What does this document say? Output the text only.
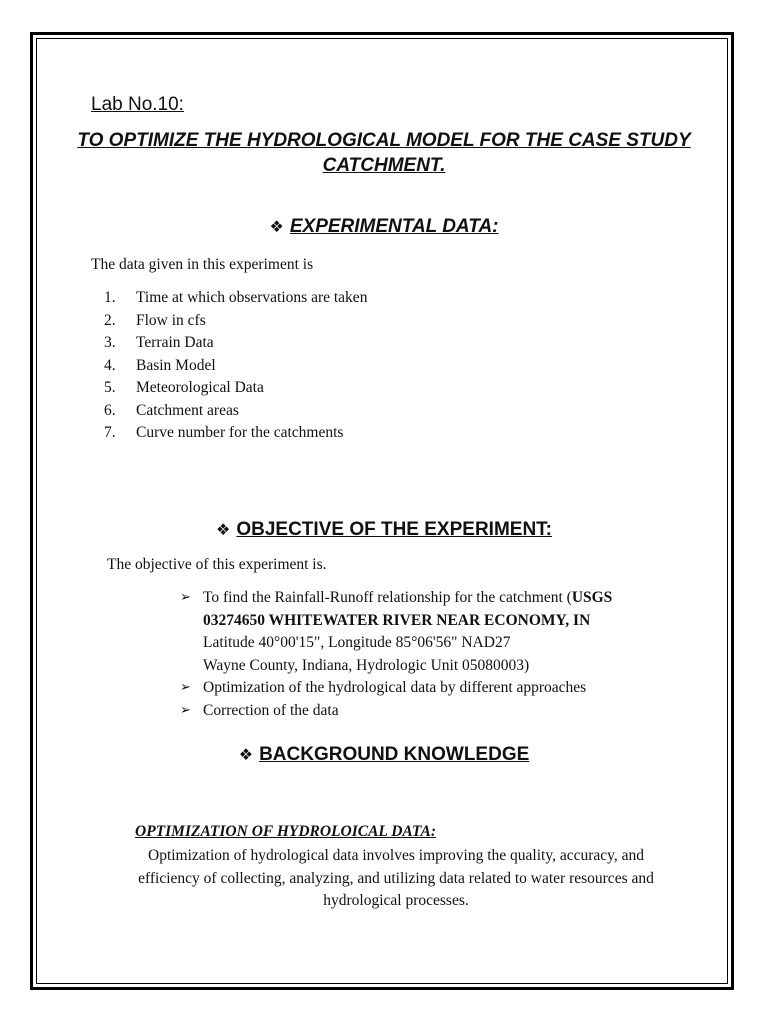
Lab No.10:
TO OPTIMIZE THE HYDROLOGICAL MODEL FOR THE CASE STUDY CATCHMENT.
❖ EXPERIMENTAL DATA:

The data given in this experiment is

1. Time at which observations are taken
2. Flow in cfs
3. Terrain Data
4. Basin Model
5. Meteorological Data
6. Catchment areas
7. Curve number for the catchments
❖ OBJECTIVE OF THE EXPERIMENT:

The objective of this experiment is.

➢ To find the Rainfall-Runoff relationship for the catchment (USGS
03274650 WHITEWATER RIVER NEAR ECONOMY, IN
Latitude 40°00'15", Longitude 85°06'56" NAD27
Wayne County, Indiana, Hydrologic Unit 05080003)
➢ Optimization of the hydrological data by different approaches
➢ Correction of the data
❖ BACKGROUND KNOWLEDGE
OPTIMIZATION OF HYDROLOICAL DATA:

Optimization of hydrological data involves improving the quality, accuracy, and efficiency of collecting, analyzing, and utilizing data related to water resources and hydrological processes.
